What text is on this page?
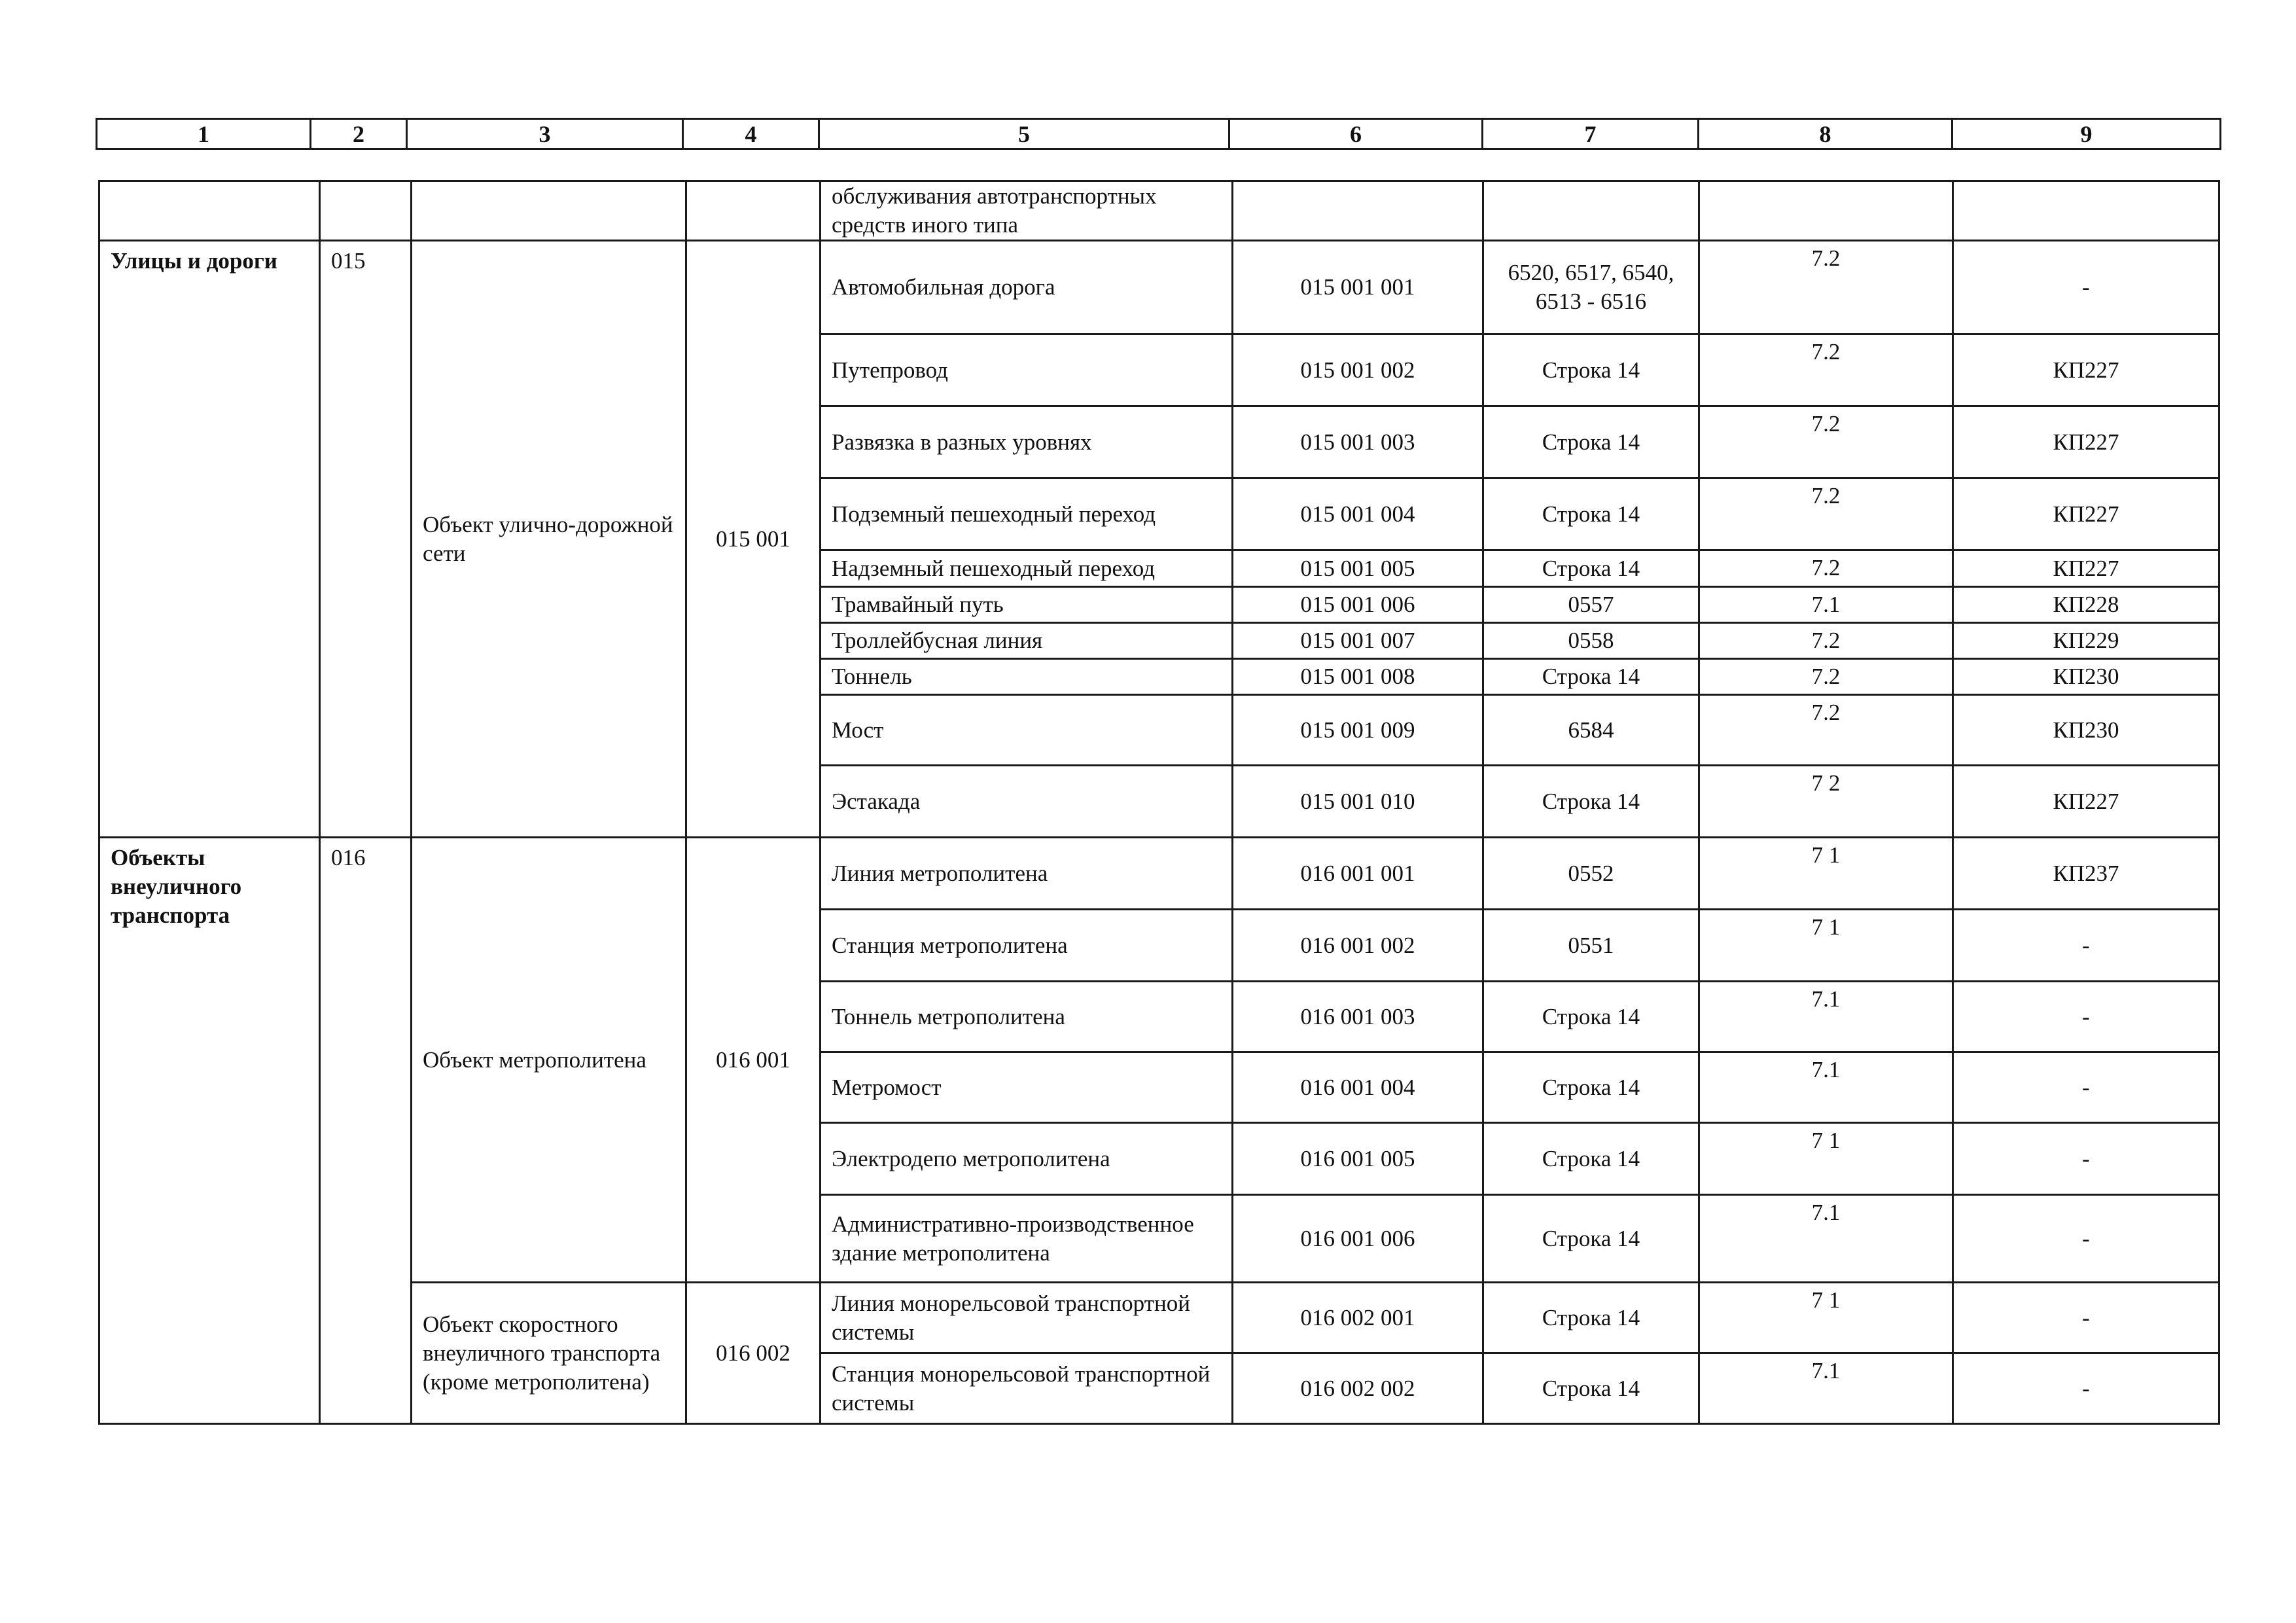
1	2	3	4	5	6	7	8	9
				обслуживания автотранспортных средств иного типа				
Улицы и дороги	015	Объект улично-дорожной сети	015 001	Автомобильная дорога	015 001 001	6520, 6517, 6540, 6513 - 6516	7.2	-
				Путепровод	015 001 002	Строка 14	7.2	КП227
				Развязка в разных уровнях	015 001 003	Строка 14	7.2	КП227
				Подземный пешеходный переход	015 001 004	Строка 14	7.2	КП227
				Надземный пешеходный переход	015 001 005	Строка 14	7.2	КП227
				Трамвайный путь	015 001 006	0557	7.1	КП228
				Троллейбусная линия	015 001 007	0558	7.2	КП229
				Тоннель	015 001 008	Строка 14	7.2	КП230
				Мост	015 001 009	6584	7.2	КП230
				Эстакада	015 001 010	Строка 14	7 2	КП227
Объекты внеуличного транспорта	016	Объект метрополитена	016 001	Линия метрополитена	016 001 001	0552	7 1	КП237
				Станция метрополитена	016 001 002	0551	7 1	-
				Тоннель метрополитена	016 001 003	Строка 14	7.1	-
				Метромост	016 001 004	Строка 14	7.1	-
				Электродепо метрополитена	016 001 005	Строка 14	7 1	-
				Административно-производственное здание метрополитена	016 001 006	Строка 14	7.1	-
		Объект скоростного внеуличного транспорта (кроме метрополитена)	016 002	Линия монорельсовой транспортной системы	016 002 001	Строка 14	7 1	-
				Станция монорельсовой транспортной системы	016 002 002	Строка 14	7.1	-
